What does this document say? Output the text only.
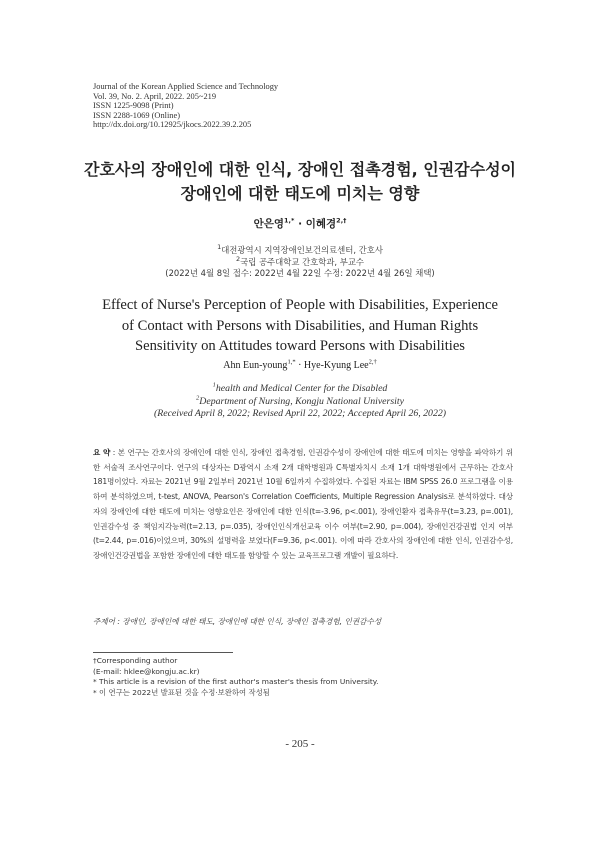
Journal of the Korean Applied Science and Technology
Vol. 39, No. 2. April, 2022. 205~219
ISSN 1225-9098 (Print)
ISSN 2288-1069 (Online)
http://dx.doi.org/10.12925/jkocs.2022.39.2.205
간호사의 장애인에 대한 인식, 장애인 접촉경험, 인권감수성이
장애인에 대한 태도에 미치는 영향
안은영$^{1,*}$ · 이혜경$^{2,\dagger}$
$^1$대전광역시 지역장애인보건의료센터, 간호사
$^2$국립 공주대학교 간호학과, 부교수
(2022년 4월 8일 접수: 2022년 4월 22일 수정: 2022년 4월 26일 채택)
Effect of Nurse's Perception of People with Disabilities, Experience
of Contact with Persons with Disabilities, and Human Rights
Sensitivity on Attitudes toward Persons with Disabilities
Ahn Eun-young$^{1,*}$ · Hye-Kyung Lee$^{2,\dagger}$
$^1$health and Medical Center for the Disabled
$^2$Department of Nursing, Kongju National University
(Received April 8, 2022; Revised April 22, 2022; Accepted April 26, 2022)
요 약 : 본 연구는 간호사의 장애인에 대한 인식, 장애인 접촉경험, 인권감수성이 장애인에 대한 태도에 미치는 영향을 파악하기 위한 서술적 조사연구이다. 연구의 대상자는 D광역시 소재 2개 대학병원과 C특별자치시 소재 1개 대학병원에서 근무하는 간호사 181명이었다. 자료는 2021년 9월 2일부터 2021년 10월 6일까지 수집하였다. 수집된 자료는 IBM SPSS 26.0 프로그램을 이용하여 분석하였으며, t-test, ANOVA, Pearson's Correlation Coefficients, Multiple Regression Analysis로 분석하였다. 대상자의 장애인에 대한 태도에 미치는 영향요인은 장애인에 대한 인식(t=-3.96, p<.001), 장애인환자 접촉유무(t=3.23, p=.001), 인권감수성 중 책임지각능력(t=2.13, p=.035), 장애인인식개선교육 이수 여부(t=2.90, p=.004), 장애인건강권법 인지 여부(t=2.44, p=.016)이었으며, 30%의 설명력을 보였다(F=9.36, p<.001). 이에 따라 간호사의 장애인에 대한 인식, 인권감수성, 장애인건강권법을 포함한 장애인에 대한 태도를 함양할 수 있는 교육프로그램 개발이 필요하다.
주제어 : 장애인, 장애인에 대한 태도, 장애인에 대한 인식, 장애인 접촉경험, 인권감수성
†Corresponding author
(E-mail: hklee@kongju.ac.kr)
* This article is a revision of the first author's master's thesis from University.
* 이 연구는 2022년 발표된 것을 수정·보완하여 작성됨
- 205 -
